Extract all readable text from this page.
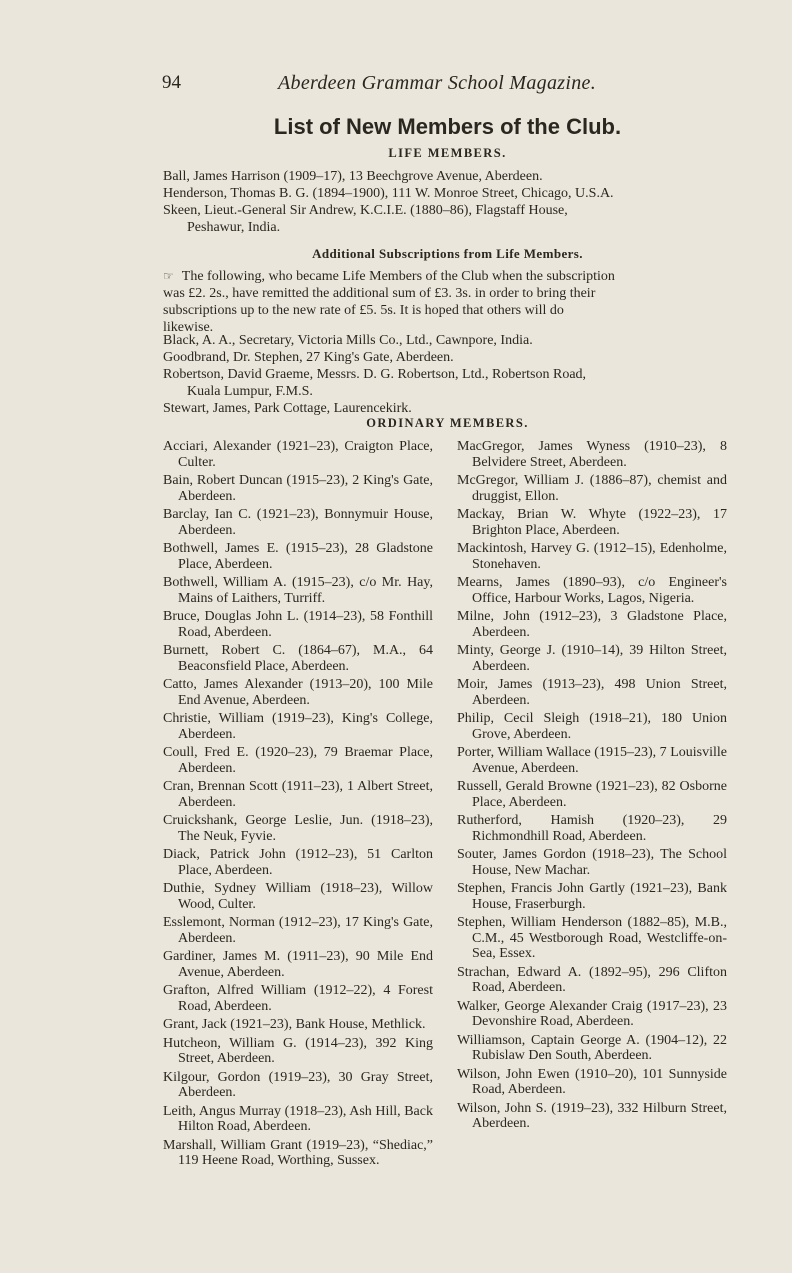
94	Aberdeen Grammar School Magazine.
List of New Members of the Club.
LIFE MEMBERS.
Ball, James Harrison (1909–17), 13 Beechgrove Avenue, Aberdeen.
Henderson, Thomas B. G. (1894–1900), 111 W. Monroe Street, Chicago, U.S.A.
Skeen, Lieut.-General Sir Andrew, K.C.I.E. (1880–86), Flagstaff House,
Peshawur, India.
Additional Subscriptions from Life Members.
☞ The following, who became Life Members of the Club when the subscription
was £2. 2s., have remitted the additional sum of £3. 3s. in order to bring their
subscriptions up to the new rate of £5. 5s. It is hoped that others will do
likewise.
Black, A. A., Secretary, Victoria Mills Co., Ltd., Cawnpore, India.
Goodbrand, Dr. Stephen, 27 King's Gate, Aberdeen.
Robertson, David Graeme, Messrs. D. G. Robertson, Ltd., Robertson Road,
Kuala Lumpur, F.M.S.
Stewart, James, Park Cottage, Laurencekirk.
ORDINARY MEMBERS.

Acciari, Alexander (1921–23), Craigton Place, Culter.

Bain, Robert Duncan (1915–23), 2 King's Gate, Aberdeen.

Barclay, Ian C. (1921–23), Bonnymuir House, Aberdeen.

Bothwell, James E. (1915–23), 28 Gladstone Place, Aberdeen.

Bothwell, William A. (1915–23), c/o Mr. Hay, Mains of Laithers, Turriff.

Bruce, Douglas John L. (1914–23), 58 Fonthill Road, Aberdeen.

Burnett, Robert C. (1864–67), M.A., 64 Beaconsfield Place, Aberdeen.

Catto, James Alexander (1913–20), 100 Mile End Avenue, Aberdeen.

Christie, William (1919–23), King's College, Aberdeen.

Coull, Fred E. (1920–23), 79 Braemar Place, Aberdeen.

Cran, Brennan Scott (1911–23), 1 Albert Street, Aberdeen.

Cruickshank, George Leslie, Jun. (1918–23), The Neuk, Fyvie.

Diack, Patrick John (1912–23), 51 Carlton Place, Aberdeen.

Duthie, Sydney William (1918–23), Willow Wood, Culter.

Esslemont, Norman (1912–23), 17 King's Gate, Aberdeen.

Gardiner, James M. (1911–23), 90 Mile End Avenue, Aberdeen.

Grafton, Alfred William (1912–22), 4 Forest Road, Aberdeen.

Grant, Jack (1921–23), Bank House, Methlick.

Hutcheon, William G. (1914–23), 392 King Street, Aberdeen.

Kilgour, Gordon (1919–23), 30 Gray Street, Aberdeen.

Leith, Angus Murray (1918–23), Ash Hill, Back Hilton Road, Aberdeen.

Marshall, William Grant (1919–23), “Shediac,” 119 Heene Road, Worthing, Sussex.

MacGregor, James Wyness (1910–23), 8 Belvidere Street, Aberdeen.

McGregor, William J. (1886–87), chemist and druggist, Ellon.

Mackay, Brian W. Whyte (1922–23), 17 Brighton Place, Aberdeen.

Mackintosh, Harvey G. (1912–15), Edenholme, Stonehaven.

Mearns, James (1890–93), c/o Engineer's Office, Harbour Works, Lagos, Nigeria.

Milne, John (1912–23), 3 Gladstone Place, Aberdeen.

Minty, George J. (1910–14), 39 Hilton Street, Aberdeen.

Moir, James (1913–23), 498 Union Street, Aberdeen.

Philip, Cecil Sleigh (1918–21), 180 Union Grove, Aberdeen.

Porter, William Wallace (1915–23), 7 Louisville Avenue, Aberdeen.

Russell, Gerald Browne (1921–23), 82 Osborne Place, Aberdeen.

Rutherford, Hamish (1920–23), 29 Richmondhill Road, Aberdeen.

Souter, James Gordon (1918–23), The School House, New Machar.

Stephen, Francis John Gartly (1921–23), Bank House, Fraserburgh.

Stephen, William Henderson (1882–85), M.B., C.M., 45 Westborough Road, Westcliffe-on-Sea, Essex.

Strachan, Edward A. (1892–95), 296 Clifton Road, Aberdeen.

Walker, George Alexander Craig (1917–23), 23 Devonshire Road, Aberdeen.

Williamson, Captain George A. (1904–12), 22 Rubislaw Den South, Aberdeen.

Wilson, John Ewen (1910–20), 101 Sunnyside Road, Aberdeen.

Wilson, John S. (1919–23), 332 Hilburn Street, Aberdeen.
